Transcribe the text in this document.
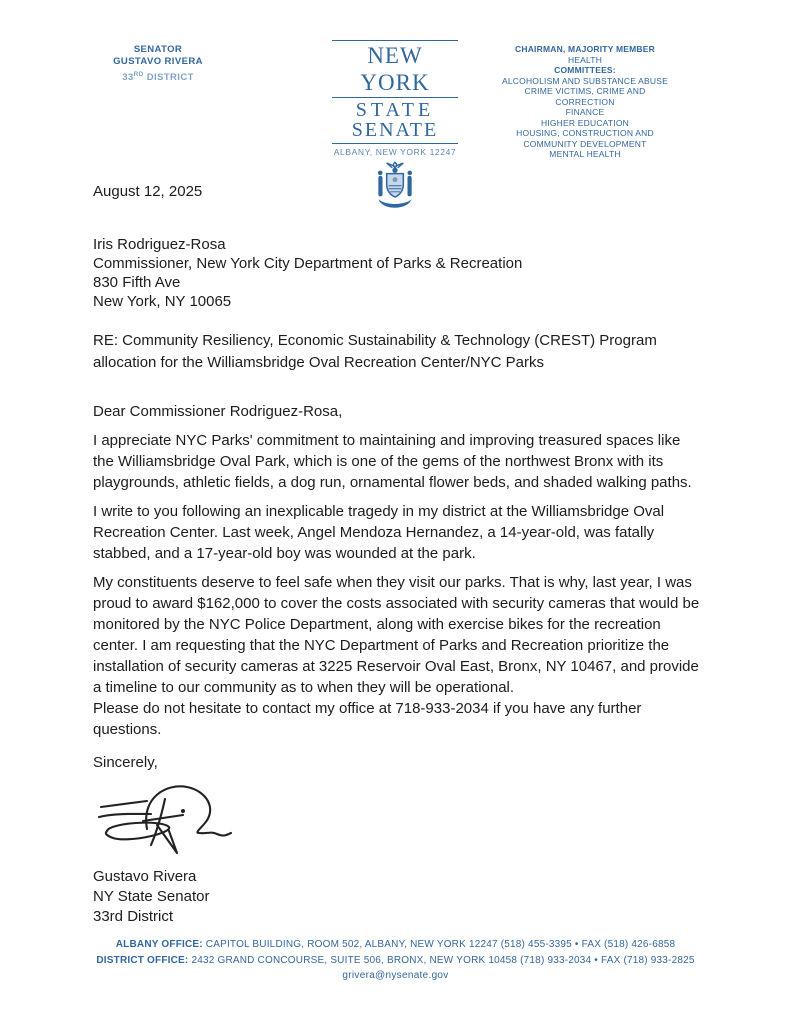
SENATOR
GUSTAVO RIVERA
33RD DISTRICT
NEW YORK
STATE
SENATE
ALBANY, NEW YORK 12247
CHAIRMAN, MAJORITY MEMBER
HEALTH
COMMITTEES:
ALCOHOLISM AND SUBSTANCE ABUSE
CRIME VICTIMS, CRIME AND CORRECTION
FINANCE
HIGHER EDUCATION
HOUSING, CONSTRUCTION AND
COMMUNITY DEVELOPMENT
MENTAL HEALTH
August 12, 2025
Iris Rodriguez-Rosa
Commissioner, New York City Department of Parks & Recreation
830 Fifth Ave
New York, NY 10065
RE: Community Resiliency, Economic Sustainability & Technology (CREST) Program allocation for the Williamsbridge Oval Recreation Center/NYC Parks
Dear Commissioner Rodriguez-Rosa,

I appreciate NYC Parks' commitment to maintaining and improving treasured spaces like the Williamsbridge Oval Park, which is one of the gems of the northwest Bronx with its playgrounds, athletic fields, a dog run, ornamental flower beds, and shaded walking paths.

I write to you following an inexplicable tragedy in my district at the Williamsbridge Oval Recreation Center. Last week, Angel Mendoza Hernandez, a 14-year-old, was fatally stabbed, and a 17-year-old boy was wounded at the park.

My constituents deserve to feel safe when they visit our parks. That is why, last year, I was proud to award $162,000 to cover the costs associated with security cameras that would be monitored by the NYC Police Department, along with exercise bikes for the recreation center. I am requesting that the NYC Department of Parks and Recreation prioritize the installation of security cameras at 3225 Reservoir Oval East, Bronx, NY 10467, and provide a timeline to our community as to when they will be operational.

Please do not hesitate to contact my office at 718-933-2034 if you have any further questions.

Sincerely,
Gustavo Rivera
NY State Senator
33rd District
ALBANY OFFICE: CAPITOL BUILDING, ROOM 502, ALBANY, NEW YORK 12247 (518) 455-3395 • FAX (518) 426-6858
DISTRICT OFFICE: 2432 GRAND CONCOURSE, SUITE 506, BRONX, NEW YORK 10458 (718) 933-2034 • FAX (718) 933-2825
grivera@nysenate.gov
